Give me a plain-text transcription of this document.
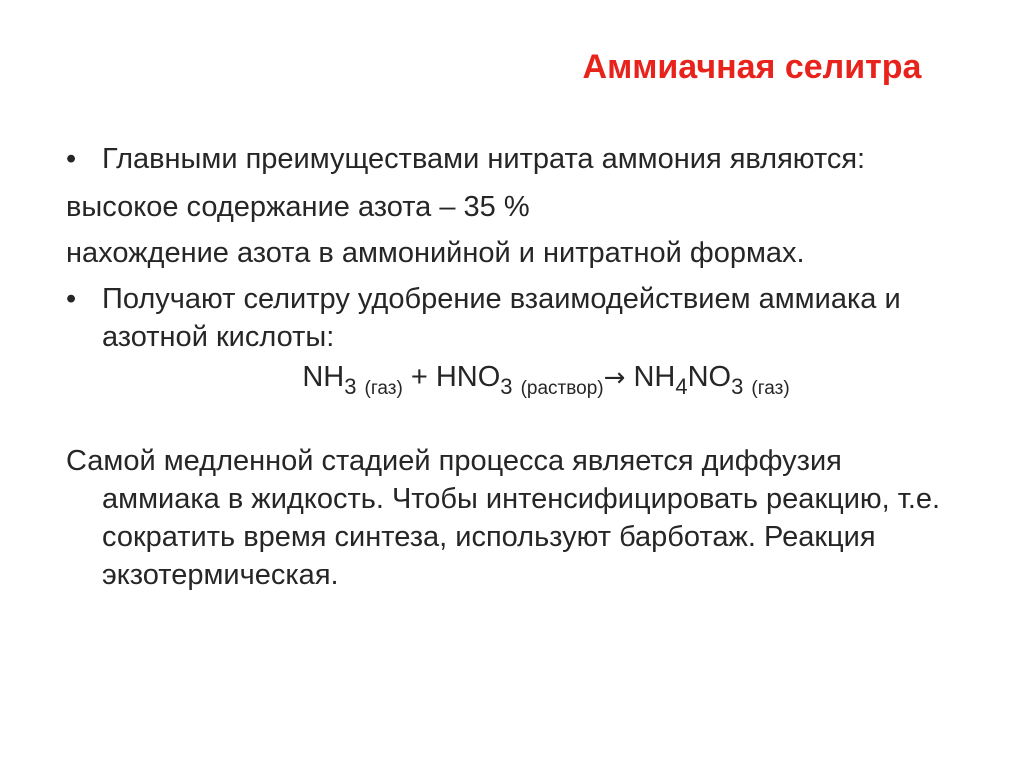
Аммиачная селитра

• Главными преимуществами нитрата аммония являются:

высокое содержание азота – 35 %

нахождение азота в аммонийной и нитратной формах.

• Получают селитру удобрение взаимодействием аммиака и азотной кислоты:

$NH_3$ $_{(газ)} + HNO_3$ $_{(раствор)}\to NH_4NO_3$ $_{(газ)}$

Самой медленной стадией процесса является диффузия аммиака в жидкость. Чтобы интенсифицировать реакцию, т.е. сократить время синтеза, используют барботаж. Реакция экзотермическая.
